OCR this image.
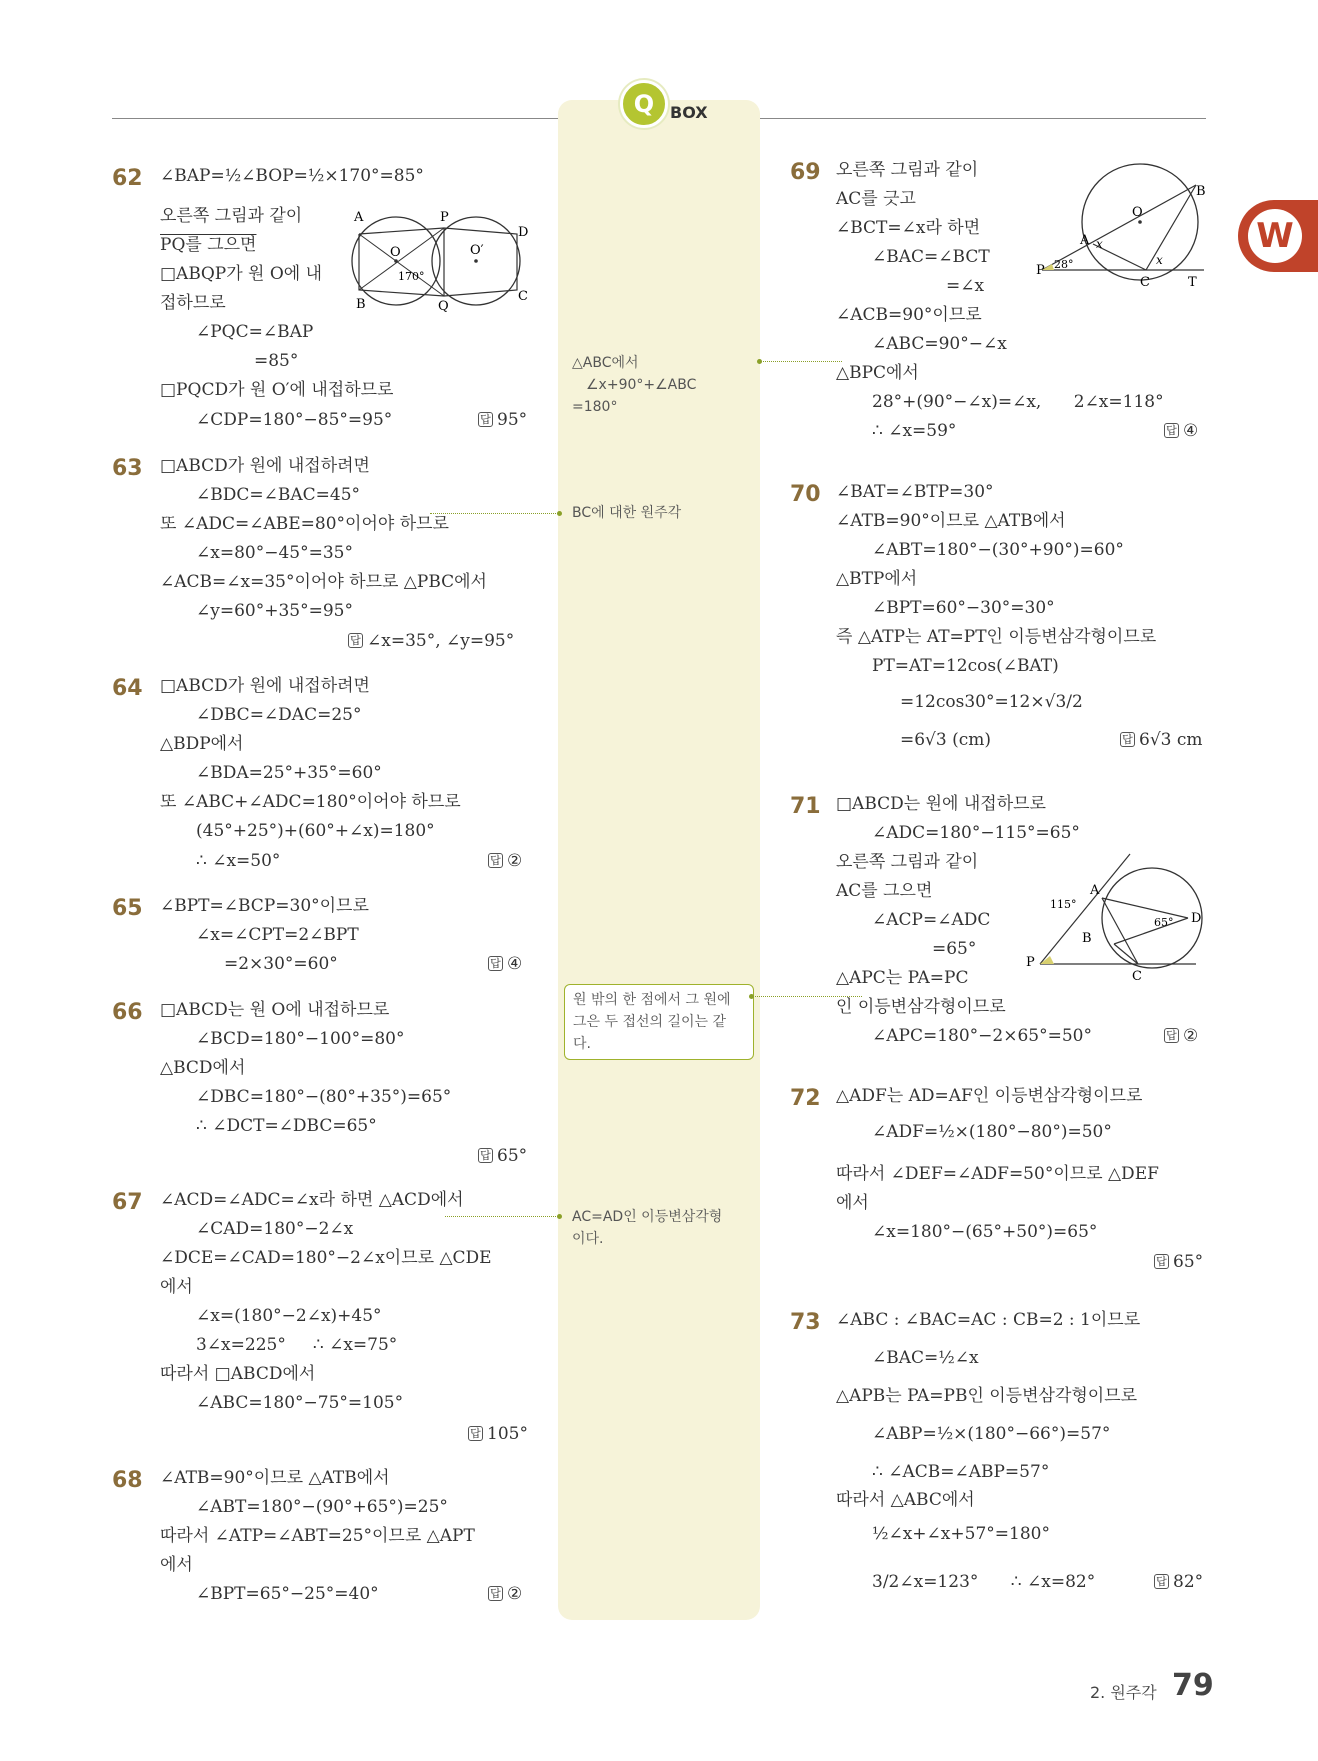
Q BOX
△ABC에서
∠x+90°+∠ABC
=180°
BC에 대한 원주각
원 밖의 한 점에서 그 원에
그은 두 접선의 길이는 같
다.
AC=AD인 이등변삼각형
이다.
W
62 ∠BAP=½∠BOP=½×170°=85°
오른쪽 그림과 같이
PQ를 그으면
□ABQP가 원 O에 내
접하므로
∠PQC=∠BAP
=85°
□PQCD가 원 O′에 내접하므로
∠CDP=180°−85°=95°	답 95°
A	P
D
O	O′
170°
B	Q
C
63 □ABCD가 원에 내접하려면
∠BDC=∠BAC=45°
또 ∠ADC=∠ABE=80°이어야 하므로
∠x=80°−45°=35°
∠ACB=∠x=35°이어야 하므로 △PBC에서
∠y=60°+35°=95°
답 ∠x=35°, ∠y=95°
64 □ABCD가 원에 내접하려면
∠DBC=∠DAC=25°
△BDP에서
∠BDA=25°+35°=60°
또 ∠ABC+∠ADC=180°이어야 하므로
(45°+25°)+(60°+∠x)=180°
∴ ∠x=50°	답 ②
65 ∠BPT=∠BCP=30°이므로
∠x=∠CPT=2∠BPT
=2×30°=60°	답 ④
66 □ABCD는 원 O에 내접하므로
∠BCD=180°−100°=80°
△BCD에서
∠DBC=180°−(80°+35°)=65°
∴ ∠DCT=∠DBC=65°
답 65°
67 ∠ACD=∠ADC=∠x라 하면 △ACD에서
∠CAD=180°−2∠x
∠DCE=∠CAD=180°−2∠x이므로 △CDE
에서
∠x=(180°−2∠x)+45°
3∠x=225°     ∴ ∠x=75°
따라서 □ABCD에서
∠ABC=180°−75°=105°
답 105°
68 ∠ATB=90°이므로 △ATB에서
∠ABT=180°−(90°+65°)=25°
따라서 ∠ATP=∠ABT=25°이므로 △APT
에서
∠BPT=65°−25°=40°	답 ②
69 오른쪽 그림과 같이
AC를 긋고
∠BCT=∠x라 하면
∠BAC=∠BCT
=∠x
∠ACB=90°이므로
∠ABC=90°−∠x
△BPC에서
28°+(90°−∠x)=∠x,      2∠x=118°
∴ ∠x=59°	답 ④
B
O
A x
x
P 28°
C	T
70 ∠BAT=∠BTP=30°
∠ATB=90°이므로 △ATB에서
∠ABT=180°−(30°+90°)=60°
△BTP에서
∠BPT=60°−30°=30°
즉 △ATP는 AT=PT인 이등변삼각형이므로
PT=AT=12cos(∠BAT)
=12cos30°=12×√3/2
=6√3 (cm)	답 6√3 cm
71 □ABCD는 원에 내접하므로
∠ADC=180°−115°=65°
오른쪽 그림과 같이
AC를 그으면
∠ACP=∠ADC
=65°
△APC는 PA=PC
인 이등변삼각형이므로
∠APC=180°−2×65°=50°	답 ②
A
115°
D
65°
B
P
C
72 △ADF는 AD=AF인 이등변삼각형이므로
∠ADF=½×(180°−80°)=50°
따라서 ∠DEF=∠ADF=50°이므로 △DEF
에서
∠x=180°−(65°+50°)=65°
답 65°
73 ∠ABC : ∠BAC=AC : CB=2 : 1이므로
∠BAC=½∠x
△APB는 PA=PB인 이등변삼각형이므로
∠ABP=½×(180°−66°)=57°
∴ ∠ACB=∠ABP=57°
따라서 △ABC에서
½∠x+∠x+57°=180°
3/2∠x=123°      ∴ ∠x=82°	답 82°
2. 원주각 79
